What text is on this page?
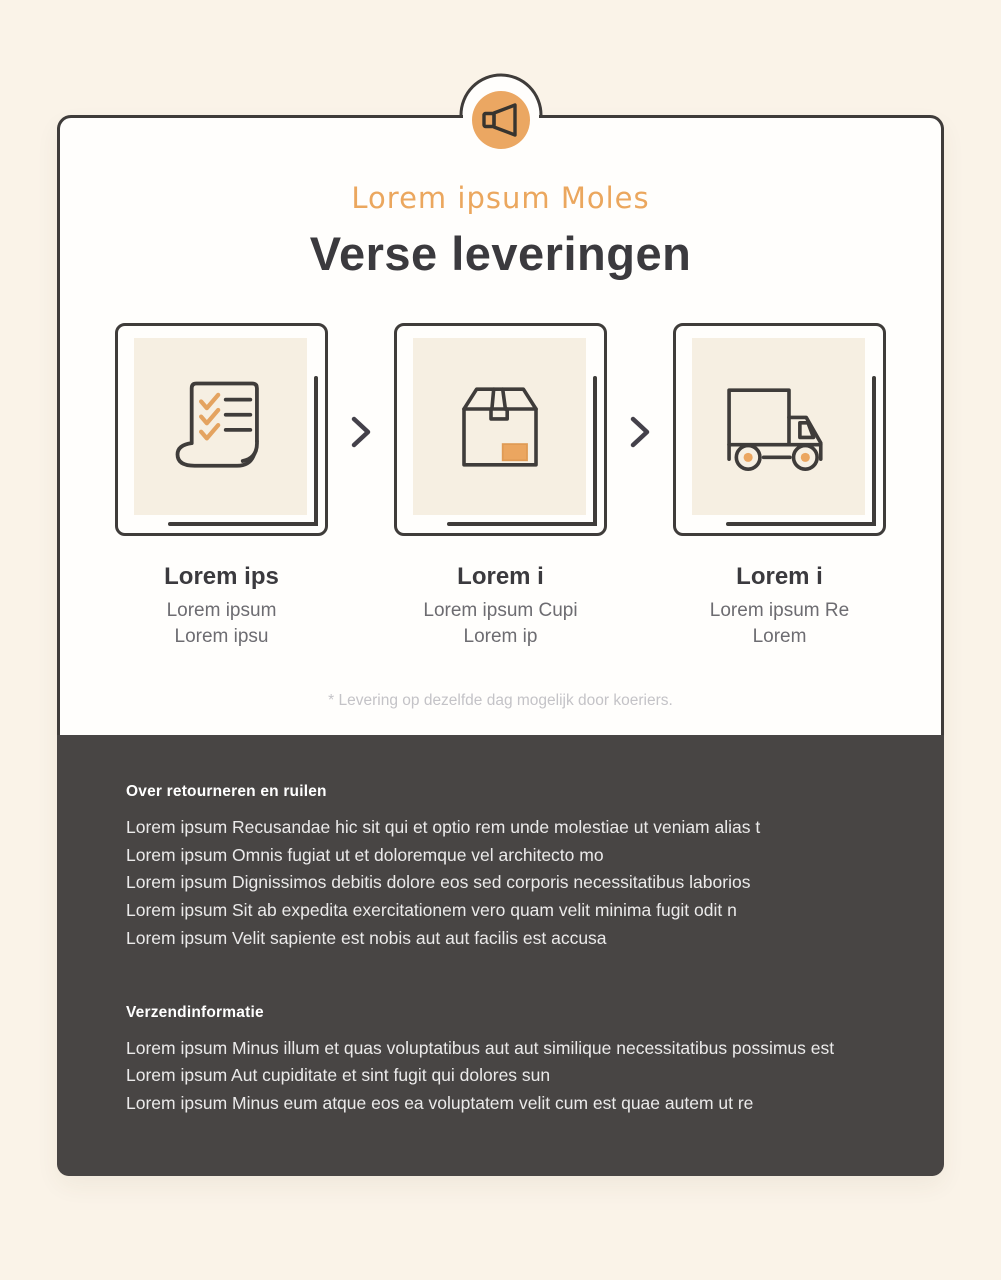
Lorem ipsum Moles
Verse leveringen
Lorem ips
Lorem ipsum
Lorem ipsu
Lorem i
Lorem ipsum Cupi
Lorem ip
Lorem i
Lorem ipsum Re
Lorem
* Levering op dezelfde dag mogelijk door koeriers.
Over retourneren en ruilen

Lorem ipsum Recusandae hic sit qui et optio rem unde molestiae ut veniam alias t

Lorem ipsum Omnis fugiat ut et doloremque vel architecto mo

Lorem ipsum Dignissimos debitis dolore eos sed corporis necessitatibus laborios

Lorem ipsum Sit ab expedita exercitationem vero quam velit minima fugit odit n

Lorem ipsum Velit sapiente est nobis aut aut facilis est accusa

Verzendinformatie

Lorem ipsum Minus illum et quas voluptatibus aut aut similique necessitatibus possimus est

Lorem ipsum Aut cupiditate et sint fugit qui dolores sun

Lorem ipsum Minus eum atque eos ea voluptatem velit cum est quae autem ut re
